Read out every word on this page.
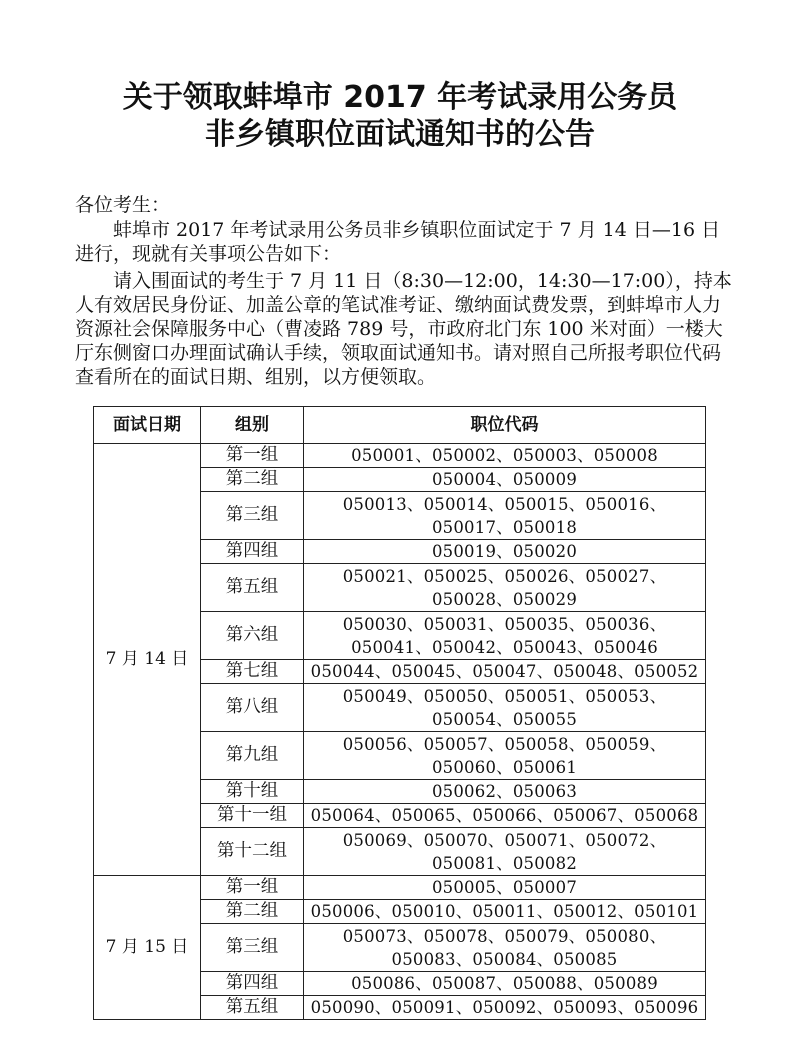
关于领取蚌埠市 2017 年考试录用公务员
非乡镇职位面试通知书的公告
各位考生：
蚌埠市 2017 年考试录用公务员非乡镇职位面试定于 7 月 14 日—16 日进行，现就有关事项公告如下：
请入围面试的考生于 7 月 11 日（8:30—12:00，14:30—17:00），持本人有效居民身份证、加盖公章的笔试准考证、缴纳面试费发票，到蚌埠市人力资源社会保障服务中心（曹凌路 789 号，市政府北门东 100 米对面）一楼大厅东侧窗口办理面试确认手续，领取面试通知书。请对照自己所报考职位代码查看所在的面试日期、组别，以方便领取。
面试日期	组别	职位代码
7 月 14 日	第一组	050001、050002、050003、050008
	第二组	050004、050009
	第三组	050013、050014、050015、050016、050017、050018
	第四组	050019、050020
	第五组	050021、050025、050026、050027、050028、050029
	第六组	050030、050031、050035、050036、050041、050042、050043、050046
	第七组	050044、050045、050047、050048、050052
	第八组	050049、050050、050051、050053、050054、050055
	第九组	050056、050057、050058、050059、050060、050061
	第十组	050062、050063
	第十一组	050064、050065、050066、050067、050068
	第十二组	050069、050070、050071、050072、050081、050082
7 月 15 日	第一组	050005、050007
	第二组	050006、050010、050011、050012、050101
	第三组	050073、050078、050079、050080、050083、050084、050085
	第四组	050086、050087、050088、050089
	第五组	050090、050091、050092、050093、050096
